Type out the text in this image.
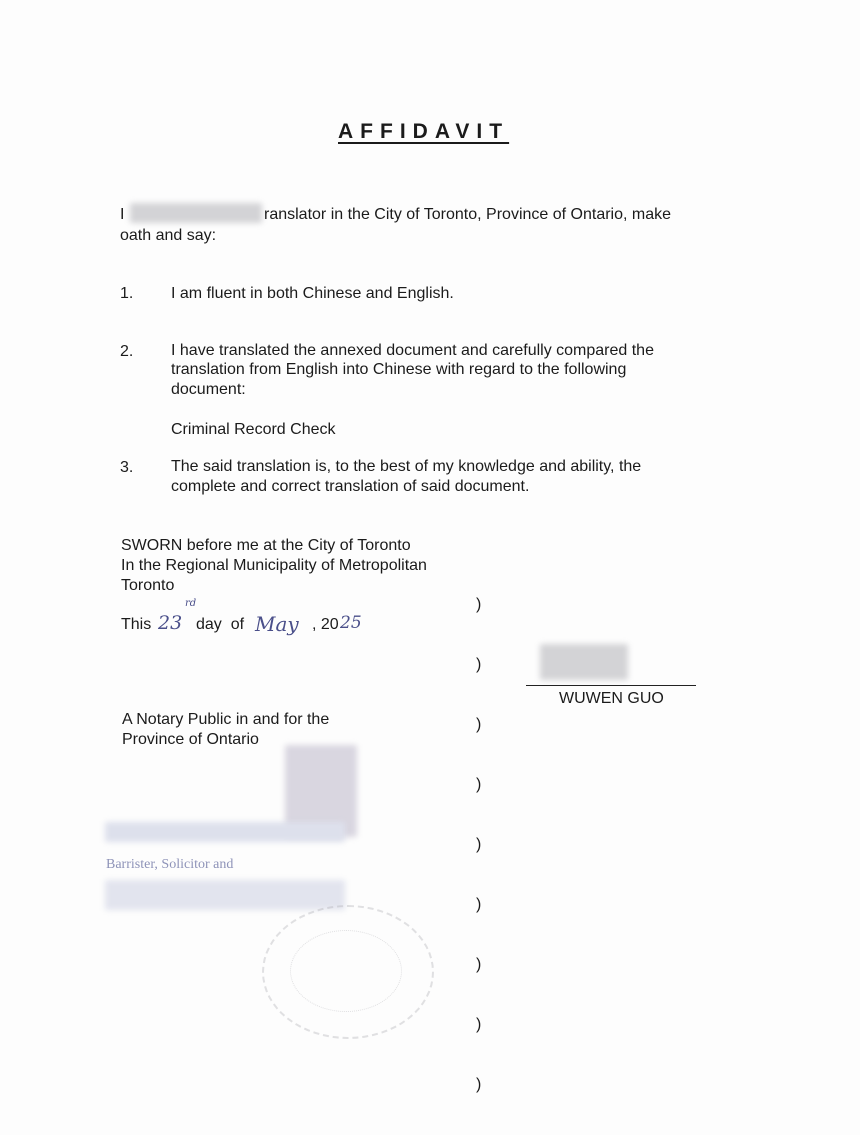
AFFIDAVIT
I	ranslator in the City of Toronto, Province of Ontario, make
oath and say:
1. I am fluent in both Chinese and English.
2. I have translated the annexed document and carefully compared the
translation from English into Chinese with regard to the following
document:
Criminal Record Check
3. The said translation is, to the best of my knowledge and ability, the
complete and correct translation of said document.
SWORN before me at the City of Toronto
In the Regional Municipality of Metropolitan
Toronto
This 23
rd
day  of May , 20 25

)

)

)

)

)

)

)

)

)

WUWEN GUO
A Notary Public in and for the
Province of Ontario
Barrister, Solicitor and
